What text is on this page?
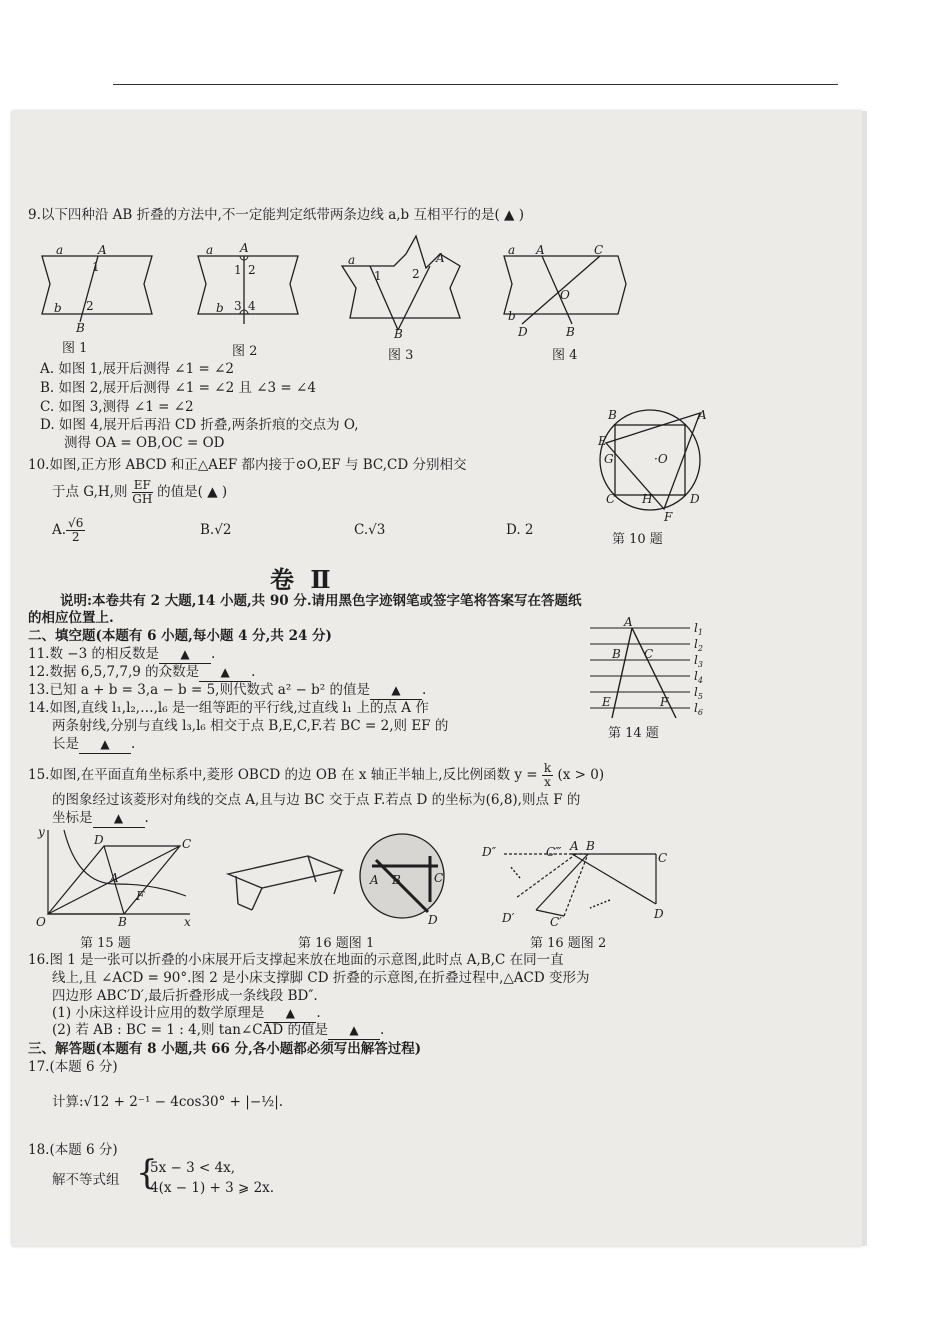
9.以下四种沿 AB 折叠的方法中,不一定能判定纸带两条边线 a,b 互相平行的是( ▲ )
a	A
1
b 2
B
A
a
1 2
b 3 4
a	A
1	2
B
a A	C
O
b
D	B
图 1	图 2	图 3	图 4
A. 如图 1,展开后测得 ∠1 = ∠2
B. 如图 2,展开后测得 ∠1 = ∠2 且 ∠3 = ∠4
C. 如图 3,测得 ∠1 = ∠2
D. 如图 4,展开后再沿 CD 折叠,两条折痕的交点为 O,
测得 OA = OB,OC = OD
B	A
E
G	·O
C H	D
F
第 10 题
10.如图,正方形 ABCD 和正△AEF 都内接于⊙O,EF 与 BC,CD 分别相交
于点 G,H,则 $\frac{EF}{GH}$ 的值是( ▲ )
A. $\frac{√6}{2}$	B.√2	C.√3	D. 2
卷 Ⅱ
说明:本卷共有 2 大题,14 小题,共 90 分.请用黑色字迹钢笔或签字笔将答案写在答题纸
的相应位置上.
二、填空题(本题有 6 小题,每小题 4 分,共 24 分)
11.数 −3 的相反数是 ▲ .
12.数据 6,5,7,7,9 的众数是 ▲ .
13.已知 a + b = 3,a − b = 5,则代数式 a² − b² 的值是 ▲ .
14.如图,直线 l₁,l₂,…,l₆ 是一组等距的平行线,过直线 l₁ 上的点 A 作
两条射线,分别与直线 l₃,l₆ 相交于点 B,E,C,F.若 BC = 2,则 EF 的
长是 ▲ .
A	$l_1$
$l_2$
$l_3$
$l_4$
$l_5$
$l_6$
B C
E	F
第 14 题
15.如图,在平面直角坐标系中,菱形 OBCD 的边 OB 在 x 轴正半轴上,反比例函数 $y = \frac{k}{x} (x > 0)$
的图象经过该菱形对角线的交点 A,且与边 BC 交于点 F.若点 D 的坐标为(6,8),则点 F 的
坐标是 ▲ .
y
x
O	B
D	C
A
F
第 15 题
A B	C
D
第 16 题图 1
D″	C‴ A B
C
D′	C′
D
第 16 题图 2
16.图 1 是一张可以折叠的小床展开后支撑起来放在地面的示意图,此时点 A,B,C 在同一直
线上,且 ∠ACD = 90°.图 2 是小床支撑脚 CD 折叠的示意图,在折叠过程中,△ACD 变形为
四边形 ABC′D′,最后折叠形成一条线段 BD″.
(1) 小床这样设计应用的数学原理是 ▲ .
(2) 若 AB : BC = 1 : 4,则 tan∠CAD 的值是 ▲ .
三、解答题(本题有 8 小题,共 66 分,各小题都必须写出解答过程)
17.(本题 6 分)
计算:√12 + 2⁻¹ − 4cos30° + |−½|.
18.(本题 6 分)
解不等式组 {
5x − 3 < 4x,
4(x − 1) + 3 ⩾ 2x.
